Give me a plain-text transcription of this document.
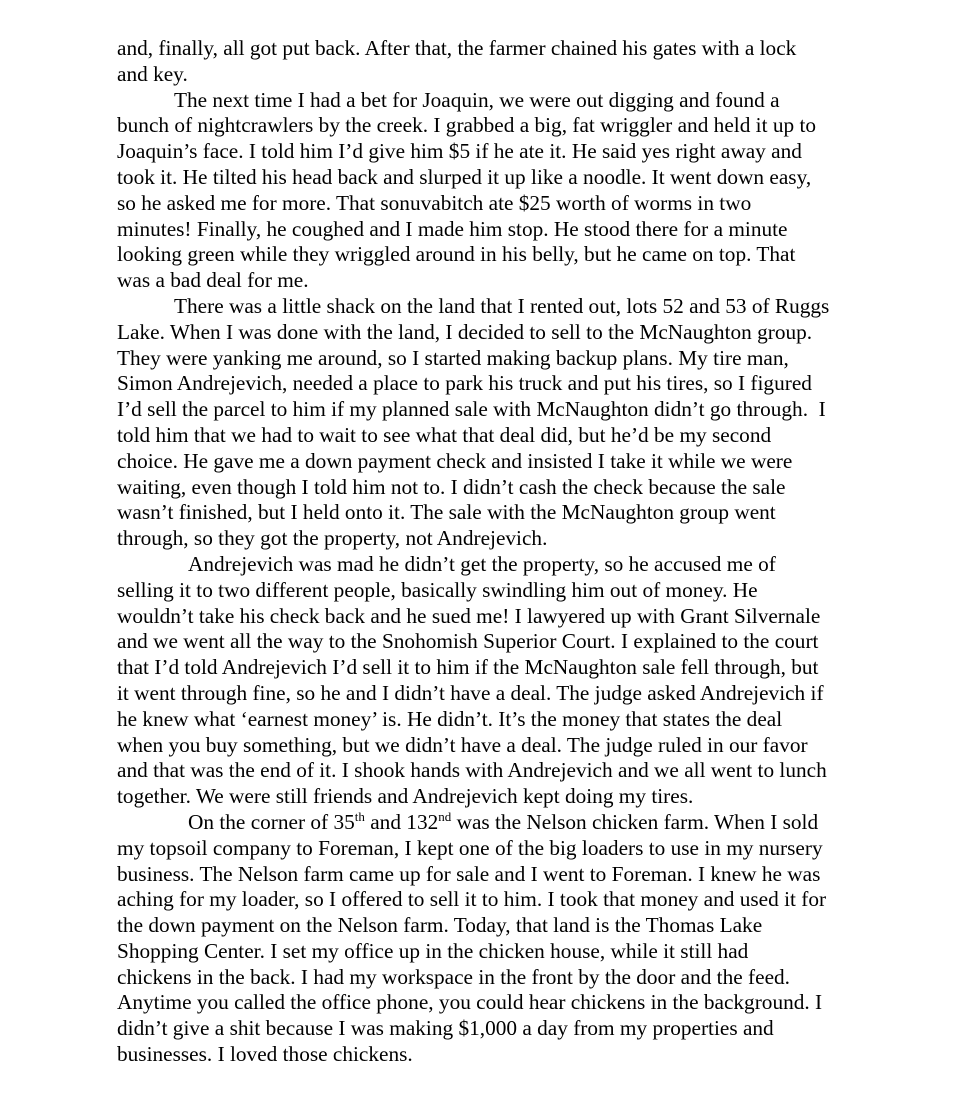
and, finally, all got put back. After that, the farmer chained his gates with a lock
and key.
The next time I had a bet for Joaquin, we were out digging and found a
bunch of nightcrawlers by the creek. I grabbed a big, fat wriggler and held it up to
Joaquin’s face. I told him I’d give him $5 if he ate it. He said yes right away and
took it. He tilted his head back and slurped it up like a noodle. It went down easy,
so he asked me for more. That sonuvabitch ate $25 worth of worms in two
minutes! Finally, he coughed and I made him stop. He stood there for a minute
looking green while they wriggled around in his belly, but he came on top. That
was a bad deal for me.
There was a little shack on the land that I rented out, lots 52 and 53 of Ruggs
Lake. When I was done with the land, I decided to sell to the McNaughton group.
They were yanking me around, so I started making backup plans. My tire man,
Simon Andrejevich, needed a place to park his truck and put his tires, so I figured
I’d sell the parcel to him if my planned sale with McNaughton didn’t go through.  I
told him that we had to wait to see what that deal did, but he’d be my second
choice. He gave me a down payment check and insisted I take it while we were
waiting, even though I told him not to. I didn’t cash the check because the sale
wasn’t finished, but I held onto it. The sale with the McNaughton group went
through, so they got the property, not Andrejevich.
Andrejevich was mad he didn’t get the property, so he accused me of
selling it to two different people, basically swindling him out of money. He
wouldn’t take his check back and he sued me! I lawyered up with Grant Silvernale
and we went all the way to the Snohomish Superior Court. I explained to the court
that I’d told Andrejevich I’d sell it to him if the McNaughton sale fell through, but
it went through fine, so he and I didn’t have a deal. The judge asked Andrejevich if
he knew what ‘earnest money’ is. He didn’t. It’s the money that states the deal
when you buy something, but we didn’t have a deal. The judge ruled in our favor
and that was the end of it. I shook hands with Andrejevich and we all went to lunch
together. We were still friends and Andrejevich kept doing my tires.
On the corner of 35th and 132nd was the Nelson chicken farm. When I sold
my topsoil company to Foreman, I kept one of the big loaders to use in my nursery
business. The Nelson farm came up for sale and I went to Foreman. I knew he was
aching for my loader, so I offered to sell it to him. I took that money and used it for
the down payment on the Nelson farm. Today, that land is the Thomas Lake
Shopping Center. I set my office up in the chicken house, while it still had
chickens in the back. I had my workspace in the front by the door and the feed.
Anytime you called the office phone, you could hear chickens in the background. I
didn’t give a shit because I was making $1,000 a day from my properties and
businesses. I loved those chickens.
